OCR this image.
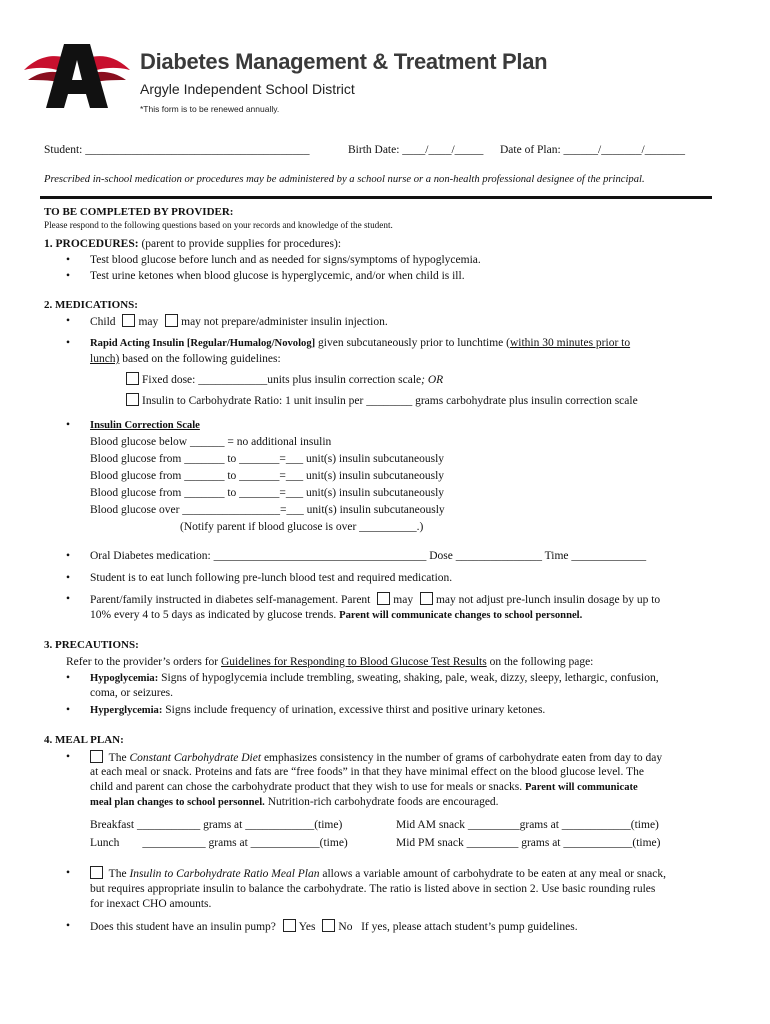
Diabetes Management & Treatment Plan
Argyle Independent School District
*This form is to be renewed annually.
Student: _______________________________________	Birth Date: ____/____/_____ Date of Plan: ______/_______/_______
Prescribed in-school medication or procedures may be administered by a school nurse or a non-health professional designee of the principal.
TO BE COMPLETED BY PROVIDER:
Please respond to the following questions based on your records and knowledge of the student.
1. PROCEDURES: (parent to provide supplies for procedures):
• Test blood glucose before lunch and as needed for signs/symptoms of hypoglycemia.
• Test urine ketones when blood glucose is hyperglycemic, and/or when child is ill.
2. MEDICATIONS:
• Child may may not prepare/administer insulin injection.
• Rapid Acting Insulin [Regular/Humalog/Novolog] given subcutaneously prior to lunchtime (within 30 minutes prior to
lunch) based on the following guidelines:
Fixed dose: ____________units plus insulin correction scale; OR
Insulin to Carbohydrate Ratio: 1 unit insulin per ________ grams carbohydrate plus insulin correction scale
• Insulin Correction Scale
Blood glucose below ______ = no additional insulin
Blood glucose from _______ to _______=___ unit(s) insulin subcutaneously
Blood glucose from _______ to _______=___ unit(s) insulin subcutaneously
Blood glucose from _______ to _______=___ unit(s) insulin subcutaneously
Blood glucose over _________________=___ unit(s) insulin subcutaneously
(Notify parent if blood glucose is over __________.)
• Oral Diabetes medication: _____________________________________ Dose _______________ Time _____________
• Student is to eat lunch following pre-lunch blood test and required medication.
• Parent/family instructed in diabetes self-management. Parent may may not adjust pre-lunch insulin dosage by up to
10% every 4 to 5 days as indicated by glucose trends. Parent will communicate changes to school personnel.
3. PRECAUTIONS:
Refer to the provider’s orders for Guidelines for Responding to Blood Glucose Test Results on the following page:
• Hypoglycemia: Signs of hypoglycemia include trembling, sweating, shaking, pale, weak, dizzy, sleepy, lethargic, confusion,
coma, or seizures.
• Hyperglycemia: Signs include frequency of urination, excessive thirst and positive urinary ketones.
4. MEAL PLAN:
•	The Constant Carbohydrate Diet emphasizes consistency in the number of grams of carbohydrate eaten from day to day
at each meal or snack. Proteins and fats are “free foods” in that they have minimal effect on the blood glucose level. The
child and parent can chose the carbohydrate product that they wish to use for meals or snacks. Parent will communicate
meal plan changes to school personnel. Nutrition-rich carbohydrate foods are encouraged.
Breakfast ___________ grams at ____________(time)	Mid AM snack _________grams at ____________(time)
Lunch        ___________ grams at ____________(time)	Mid PM snack _________ grams at ____________(time)
•	The Insulin to Carbohydrate Ratio Meal Plan allows a variable amount of carbohydrate to be eaten at any meal or snack,
but requires appropriate insulin to balance the carbohydrate. The ratio is listed above in section 2. Use basic rounding rules
for inexact CHO amounts.
• Does this student have an insulin pump? Yes No If yes, please attach student’s pump guidelines.
